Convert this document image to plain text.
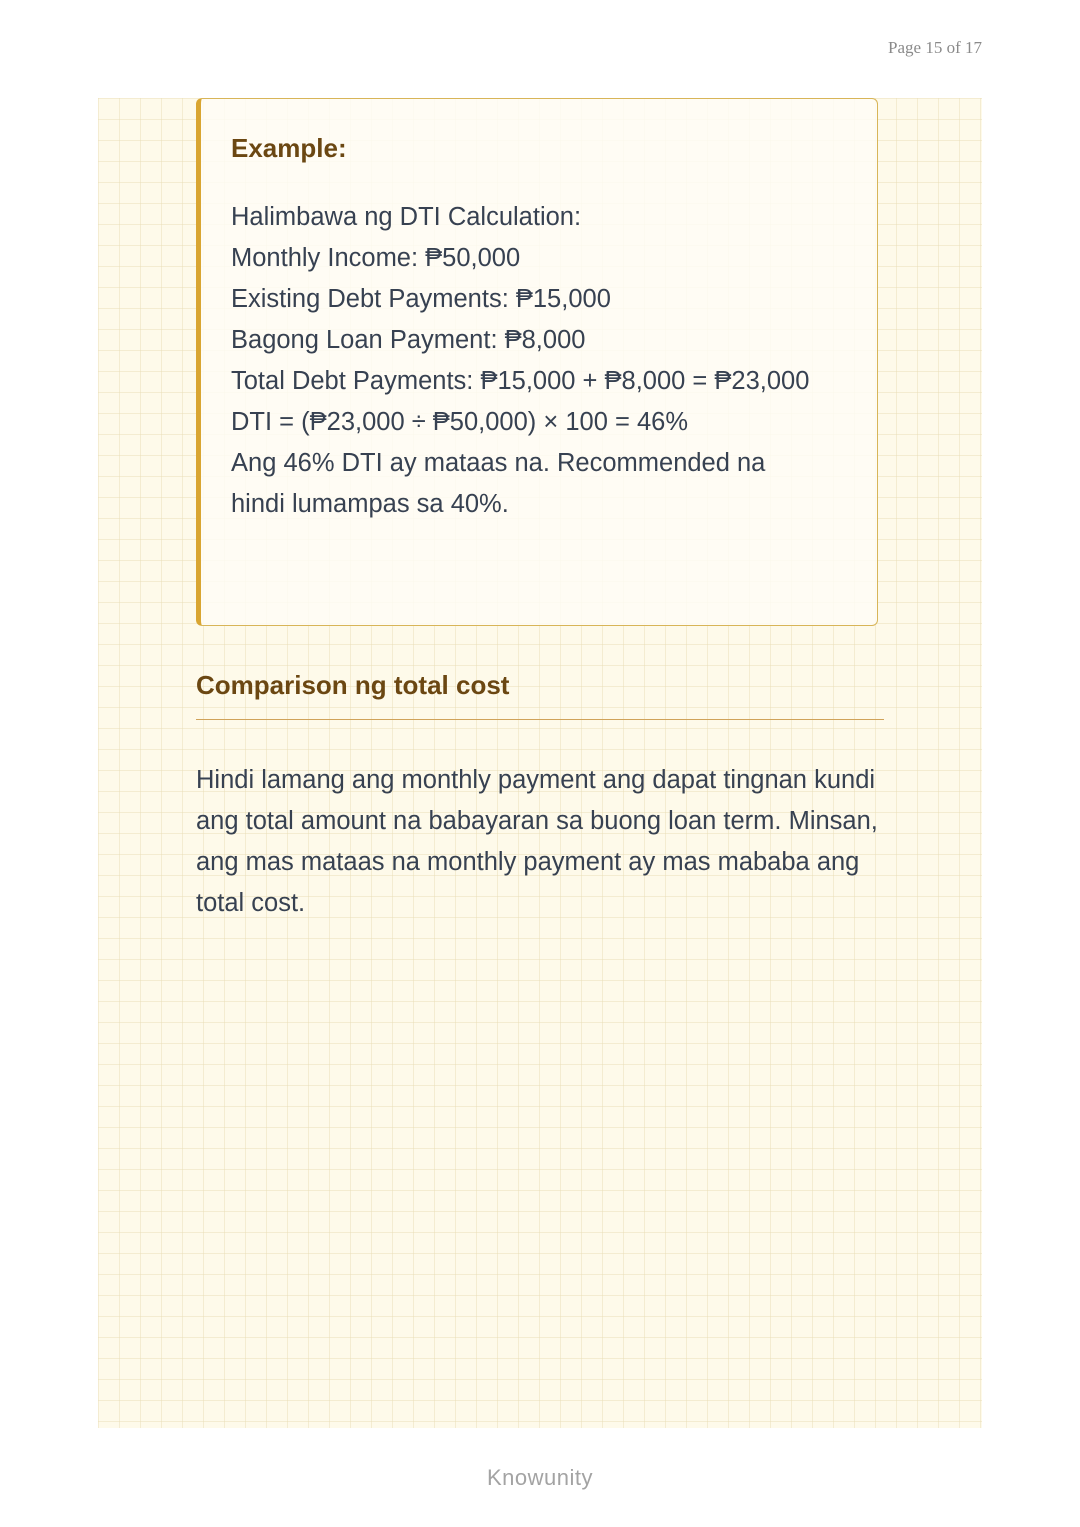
Page 15 of 17
Example:
Halimbawa ng DTI Calculation:
Monthly Income: ₱50,000
Existing Debt Payments: ₱15,000
Bagong Loan Payment: ₱8,000
Total Debt Payments: ₱15,000 + ₱8,000 = ₱23,000
DTI = (₱23,000 ÷ ₱50,000) × 100 = 46%
Ang 46% DTI ay mataas na. Recommended na
hindi lumampas sa 40%.
Comparison ng total cost
Hindi lamang ang monthly payment ang dapat tingnan kundi ang total amount na babayaran sa buong loan term. Minsan, ang mas mataas na monthly payment ay mas mababa ang total cost.
Knowunity
